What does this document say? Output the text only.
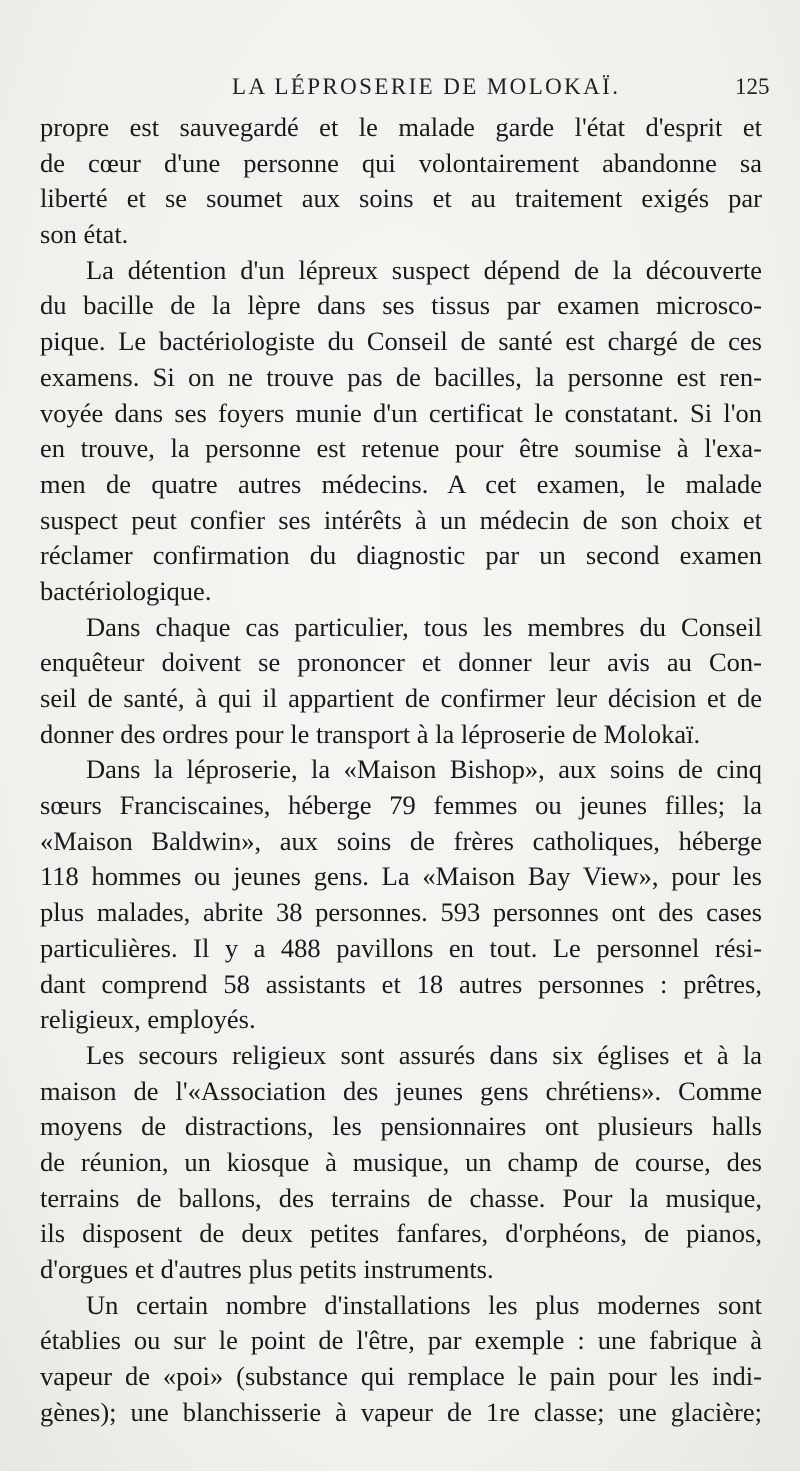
LA LÉPROSERIE DE MOLOKAÏ.	125
propre est sauvegardé et le malade garde l'état d'esprit et
de cœur d'une personne qui volontairement abandonne sa
liberté et se soumet aux soins et au traitement exigés par
son état.
La détention d'un lépreux suspect dépend de la découverte
du bacille de la lèpre dans ses tissus par examen microsco-
pique. Le bactériologiste du Conseil de santé est chargé de ces
examens. Si on ne trouve pas de bacilles, la personne est ren-
voyée dans ses foyers munie d'un certificat le constatant. Si l'on
en trouve, la personne est retenue pour être soumise à l'exa-
men de quatre autres médecins. A cet examen, le malade
suspect peut confier ses intérêts à un médecin de son choix et
réclamer confirmation du diagnostic par un second examen
bactériologique.
Dans chaque cas particulier, tous les membres du Conseil
enquêteur doivent se prononcer et donner leur avis au Con-
seil de santé, à qui il appartient de confirmer leur décision et de
donner des ordres pour le transport à la léproserie de Molokaï.
Dans la léproserie, la «Maison Bishop», aux soins de cinq
sœurs Franciscaines, héberge 79 femmes ou jeunes filles; la
«Maison Baldwin», aux soins de frères catholiques, héberge
118 hommes ou jeunes gens. La «Maison Bay View», pour les
plus malades, abrite 38 personnes. 593 personnes ont des cases
particulières. Il y a 488 pavillons en tout. Le personnel rési-
dant comprend 58 assistants et 18 autres personnes : prêtres,
religieux, employés.
Les secours religieux sont assurés dans six églises et à la
maison de l'«Association des jeunes gens chrétiens». Comme
moyens de distractions, les pensionnaires ont plusieurs halls
de réunion, un kiosque à musique, un champ de course, des
terrains de ballons, des terrains de chasse. Pour la musique,
ils disposent de deux petites fanfares, d'orphéons, de pianos,
d'orgues et d'autres plus petits instruments.
Un certain nombre d'installations les plus modernes sont
établies ou sur le point de l'être, par exemple : une fabrique à
vapeur de «poi» (substance qui remplace le pain pour les indi-
gènes); une blanchisserie à vapeur de 1re classe; une glacière;
